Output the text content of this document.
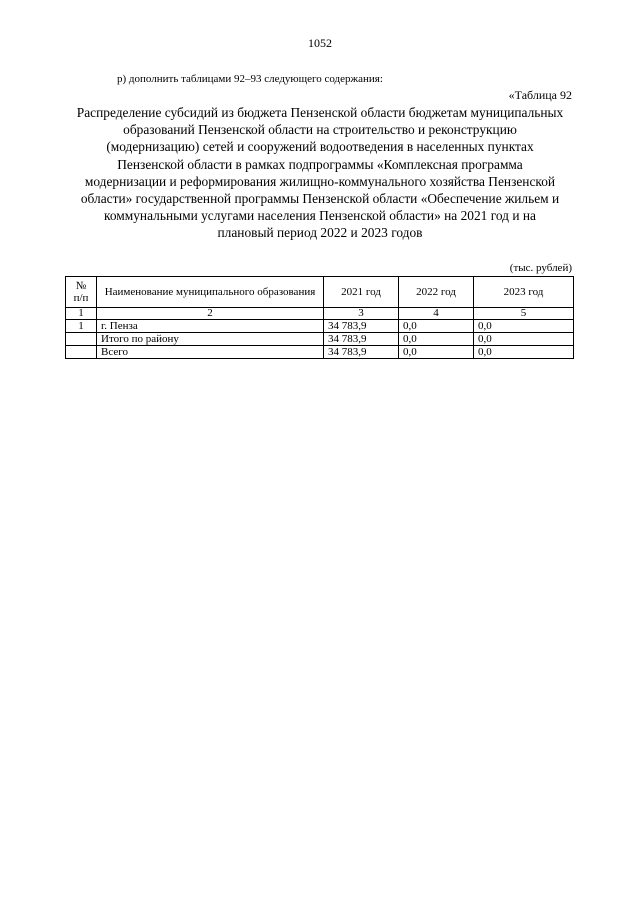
1052
р) дополнить таблицами 92–93 следующего содержания:
«Таблица 92
Распределение субсидий из бюджета Пензенской области бюджетам муниципальных образований Пензенской области на строительство и реконструкцию (модернизацию) сетей и сооружений водоотведения в населенных пунктах Пензенской области в рамках подпрограммы «Комплексная программа модернизации и реформирования жилищно-коммунального хозяйства Пензенской области» государственной программы Пензенской области «Обеспечение жильем и коммунальными услугами населения Пензенской области» на 2021 год и на плановый период 2022 и 2023 годов
(тыс. рублей)
№ п/п	Наименование муниципального образования	2021 год	2022 год	2023 год
1	2	3	4	5
1	г. Пенза	34 783,9	0,0	0,0
	Итого по району	34 783,9	0,0	0,0
	Всего	34 783,9	0,0	0,0
